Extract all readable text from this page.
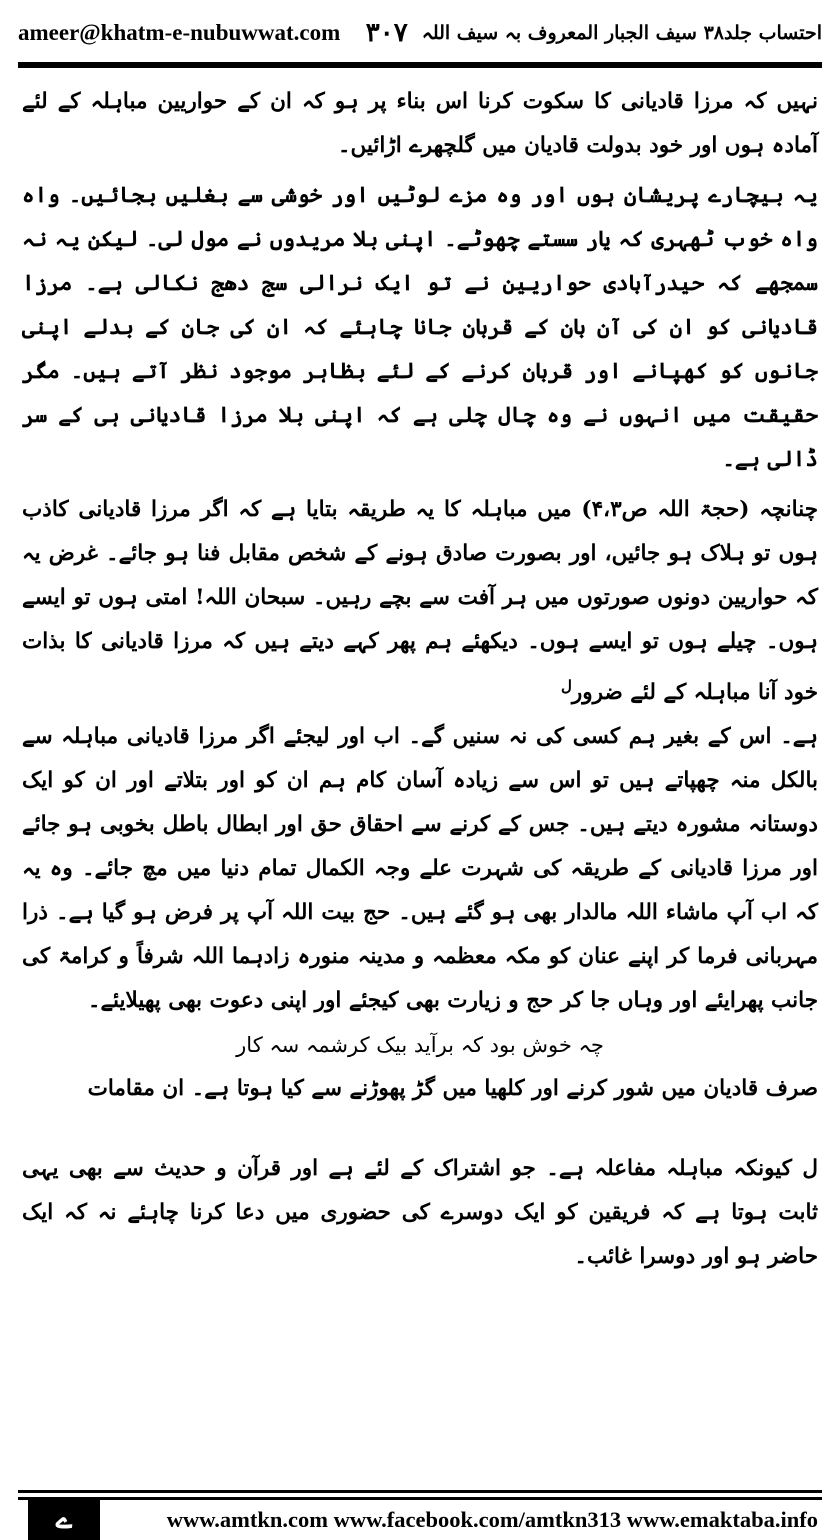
ameer@khatm-e-nubuwwat.com	احتساب جلد۳۸ سیف الجبار المعروف بہ سیف اللہ
۳۰۷

نہیں کہ مرزا قادیانی کا سکوت کرنا اس بناء پر ہو کہ ان کے حواریین مباہلہ کے لئے آمادہ ہوں اور خود بدولت قادیان میں گلچھرے اڑائیں۔

یہ بیچارے پریشان ہوں اور وہ مزے لوٹیں اور خوشی سے بغلیں بجائیں۔ واہ واہ خوب ٹھہری کہ یار سستے چھوٹے۔ اپنی بلا مریدوں نے مول لی۔ لیکن یہ نہ سمجھے کہ حیدرآبادی حواریین نے تو ایک نرالی سج دھج نکالی ہے۔ مرزا قادیانی کو ان کی آن بان کے قربان جانا چاہئے کہ ان کی جان کے بدلے اپنی جانوں کو کھپانے اور قربان کرنے کے لئے بظاہر موجود نظر آتے ہیں۔ مگر حقیقت میں انہوں نے وہ چال چلی ہے کہ اپنی بلا مرزا قادیانی ہی کے سر ڈالی ہے۔

چنانچہ (حجۃ اللہ ص۴،۳) میں مباہلہ کا یہ طریقہ بتایا ہے کہ اگر مرزا قادیانی کاذب ہوں تو ہلاک ہو جائیں، اور بصورت صادق ہونے کے شخص مقابل فنا ہو جائے۔ غرض یہ کہ حواریین دونوں صورتوں میں ہر آفت سے بچے رہیں۔ سبحان اللہ! امتی ہوں تو ایسے ہوں۔ چیلے ہوں تو ایسے ہوں۔ دیکھئے ہم پھر کہے دیتے ہیں کہ مرزا قادیانی کا بذات خود آنا مباہلہ کے لئے ضرور$^ل$

ہے۔ اس کے بغیر ہم کسی کی نہ سنیں گے۔ اب اور لیجئے اگر مرزا قادیانی مباہلہ سے بالکل منہ چھپاتے ہیں تو اس سے زیادہ آسان کام ہم ان کو اور بتلاتے اور ان کو ایک دوستانہ مشورہ دیتے ہیں۔ جس کے کرنے سے احقاق حق اور ابطال باطل بخوبی ہو جائے اور مرزا قادیانی کے طریقہ کی شہرت علے وجہ الکمال تمام دنیا میں مچ جائے۔ وہ یہ کہ اب آپ ماشاء اللہ مالدار بھی ہو گئے ہیں۔ حج بیت اللہ آپ پر فرض ہو گیا ہے۔ ذرا مہربانی فرما کر اپنے عنان کو مکہ معظمہ و مدینہ منورہ زادہما اللہ شرفاً و کرامۃ کی جانب پھرایئے اور وہاں جا کر حج و زیارت بھی کیجئے اور اپنی دعوت بھی پھیلایئے۔

چہ خوش بود کہ برآید بیک کرشمہ سہ کار

صرف قادیان میں شور کرنے اور کلھیا میں گڑ پھوڑنے سے کیا ہوتا ہے۔ ان مقامات

ل کیونکہ مباہلہ مفاعلہ ہے۔ جو اشتراک کے لئے ہے اور قرآن و حدیث سے بھی یہی ثابت ہوتا ہے کہ فریقین کو ایک دوسرے کی حضوری میں دعا کرنا چاہئے نہ کہ ایک حاضر ہو اور دوسرا غائب۔

ے	www.amtkn.com www.facebook.com/amtkn313 www.emaktaba.info
